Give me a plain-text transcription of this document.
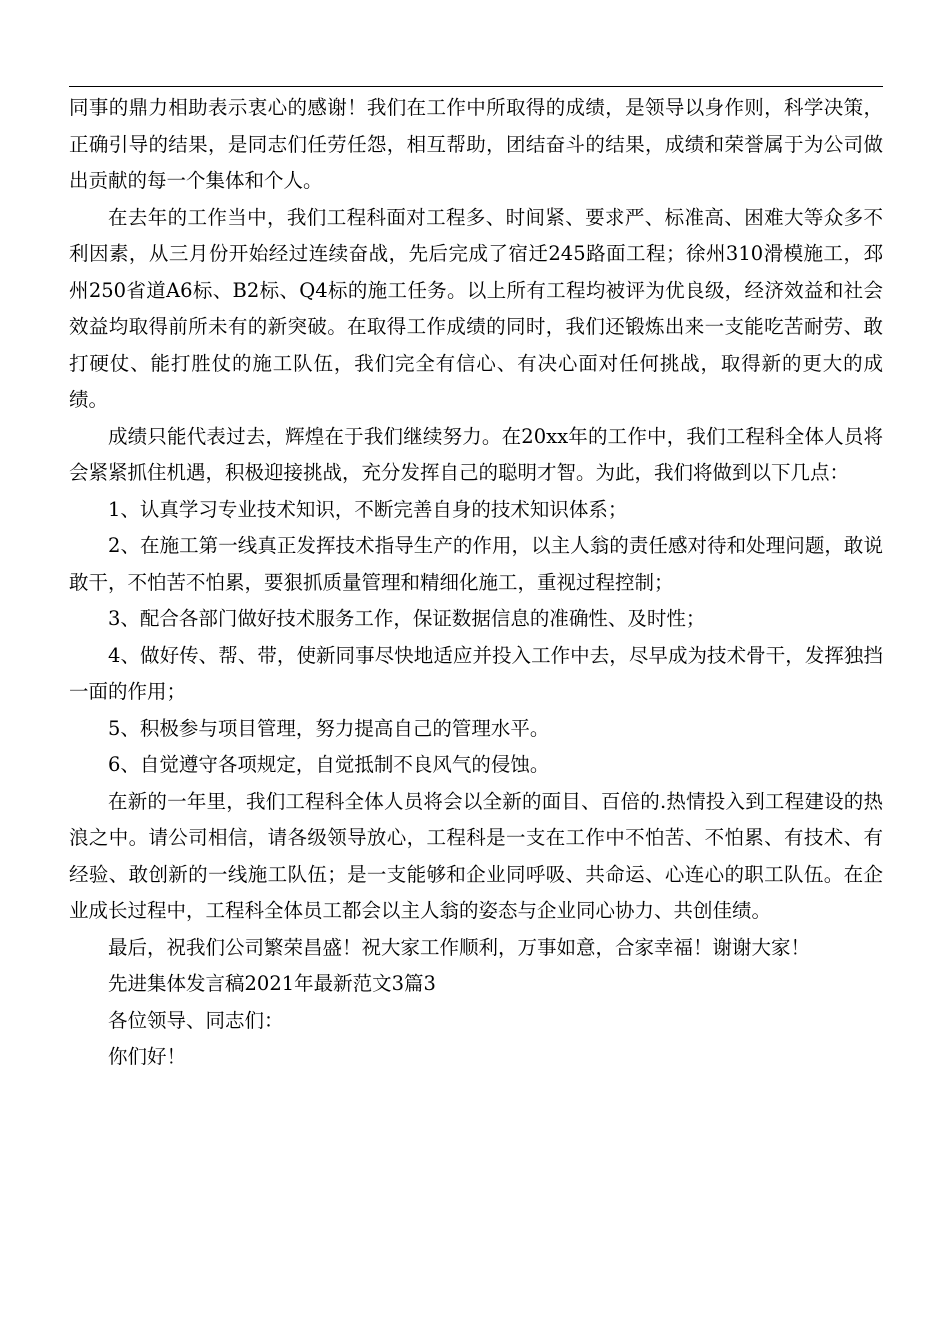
同事的鼎力相助表示衷心的感谢！我们在工作中所取得的成绩，是领导以身作则，科学决策，正确引导的结果，是同志们任劳任怨，相互帮助，团结奋斗的结果，成绩和荣誉属于为公司做出贡献的每一个集体和个人。

在去年的工作当中，我们工程科面对工程多、时间紧、要求严、标准高、困难大等众多不利因素，从三月份开始经过连续奋战，先后完成了宿迁245路面工程；徐州310滑模施工，邳州250省道A6标、B2标、Q4标的施工任务。以上所有工程均被评为优良级，经济效益和社会效益均取得前所未有的新突破。在取得工作成绩的同时，我们还锻炼出来一支能吃苦耐劳、敢打硬仗、能打胜仗的施工队伍，我们完全有信心、有决心面对任何挑战，取得新的更大的成绩。

成绩只能代表过去，辉煌在于我们继续努力。在20xx年的工作中，我们工程科全体人员将会紧紧抓住机遇，积极迎接挑战，充分发挥自己的聪明才智。为此，我们将做到以下几点：

1、认真学习专业技术知识，不断完善自身的技术知识体系；

2、在施工第一线真正发挥技术指导生产的作用，以主人翁的责任感对待和处理问题，敢说敢干，不怕苦不怕累，要狠抓质量管理和精细化施工，重视过程控制；

3、配合各部门做好技术服务工作，保证数据信息的准确性、及时性；

4、做好传、帮、带，使新同事尽快地适应并投入工作中去，尽早成为技术骨干，发挥独挡一面的作用；

5、积极参与项目管理，努力提高自己的管理水平。

6、自觉遵守各项规定，自觉抵制不良风气的侵蚀。

在新的一年里，我们工程科全体人员将会以全新的面目、百倍的.热情投入到工程建设的热浪之中。请公司相信，请各级领导放心，工程科是一支在工作中不怕苦、不怕累、有技术、有经验、敢创新的一线施工队伍；是一支能够和企业同呼吸、共命运、心连心的职工队伍。在企业成长过程中，工程科全体员工都会以主人翁的姿态与企业同心协力、共创佳绩。

最后，祝我们公司繁荣昌盛！祝大家工作顺利，万事如意，合家幸福！谢谢大家！

先进集体发言稿2021年最新范文3篇3

各位领导、同志们：

你们好！
